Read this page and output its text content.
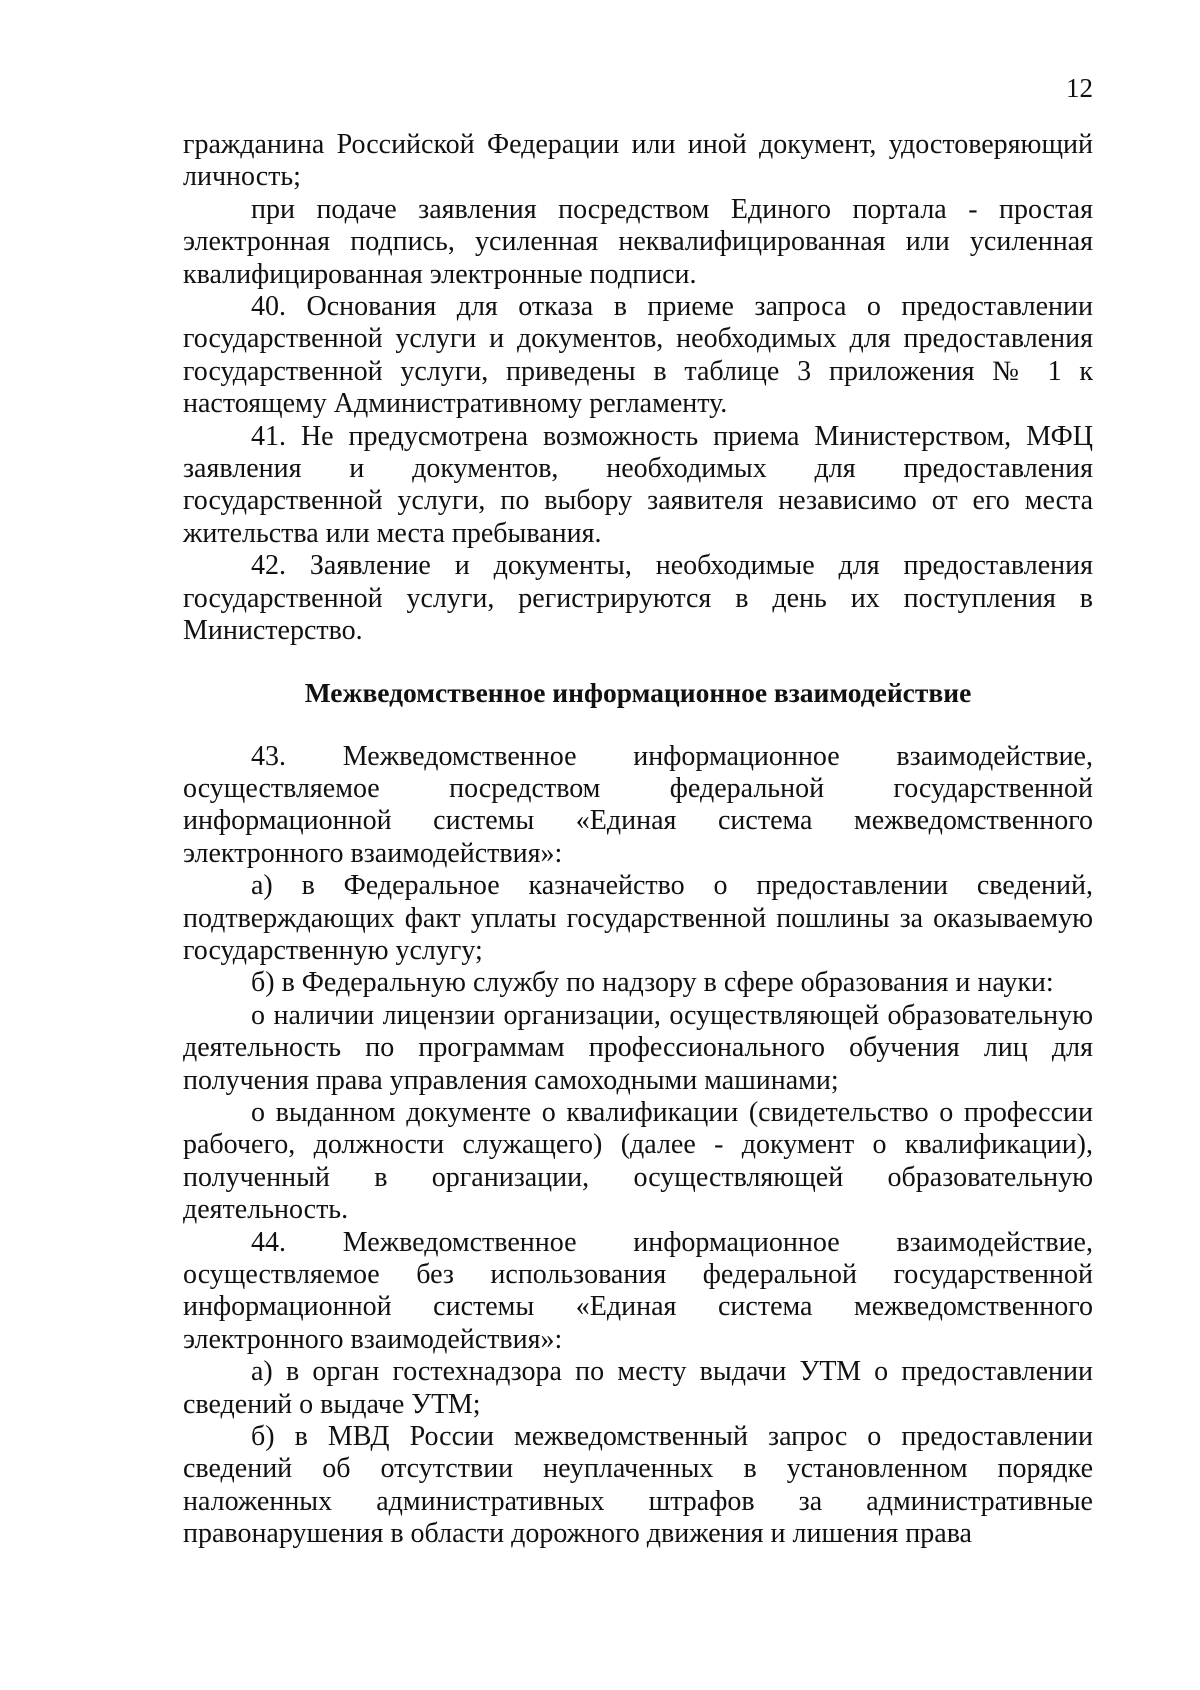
12

гражданина Российской Федерации или иной документ, удостоверяющий личность;

при подаче заявления посредством Единого портала - простая электронная подпись, усиленная неквалифицированная или усиленная квалифицированная электронные подписи.

40. Основания для отказа в приеме запроса о предоставлении государственной услуги и документов, необходимых для предоставления государственной услуги, приведены в таблице 3 приложения № 1 к настоящему Административному регламенту.

41. Не предусмотрена возможность приема Министерством, МФЦ заявления и документов, необходимых для предоставления государственной услуги, по выбору заявителя независимо от его места жительства или места пребывания.

42. Заявление и документы, необходимые для предоставления государственной услуги, регистрируются в день их поступления в Министерство.

Межведомственное информационное взаимодействие

43. Межведомственное информационное взаимодействие, осуществляемое посредством федеральной государственной информационной системы «Единая система межведомственного электронного взаимодействия»:

а) в Федеральное казначейство о предоставлении сведений, подтверждающих факт уплаты государственной пошлины за оказываемую государственную услугу;

б) в Федеральную службу по надзору в сфере образования и науки:

о наличии лицензии организации, осуществляющей образовательную деятельность по программам профессионального обучения лиц для получения права управления самоходными машинами;

о выданном документе о квалификации (свидетельство о профессии рабочего, должности служащего) (далее - документ о квалификации), полученный в организации, осуществляющей образовательную деятельность.

44. Межведомственное информационное взаимодействие, осуществляемое без использования федеральной государственной информационной системы «Единая система межведомственного электронного взаимодействия»:

а) в орган гостехнадзора по месту выдачи УТМ о предоставлении сведений о выдаче УТМ;

б) в МВД России межведомственный запрос о предоставлении сведений об отсутствии неуплаченных в установленном порядке наложенных административных штрафов за административные правонарушения в области дорожного движения и лишения права
